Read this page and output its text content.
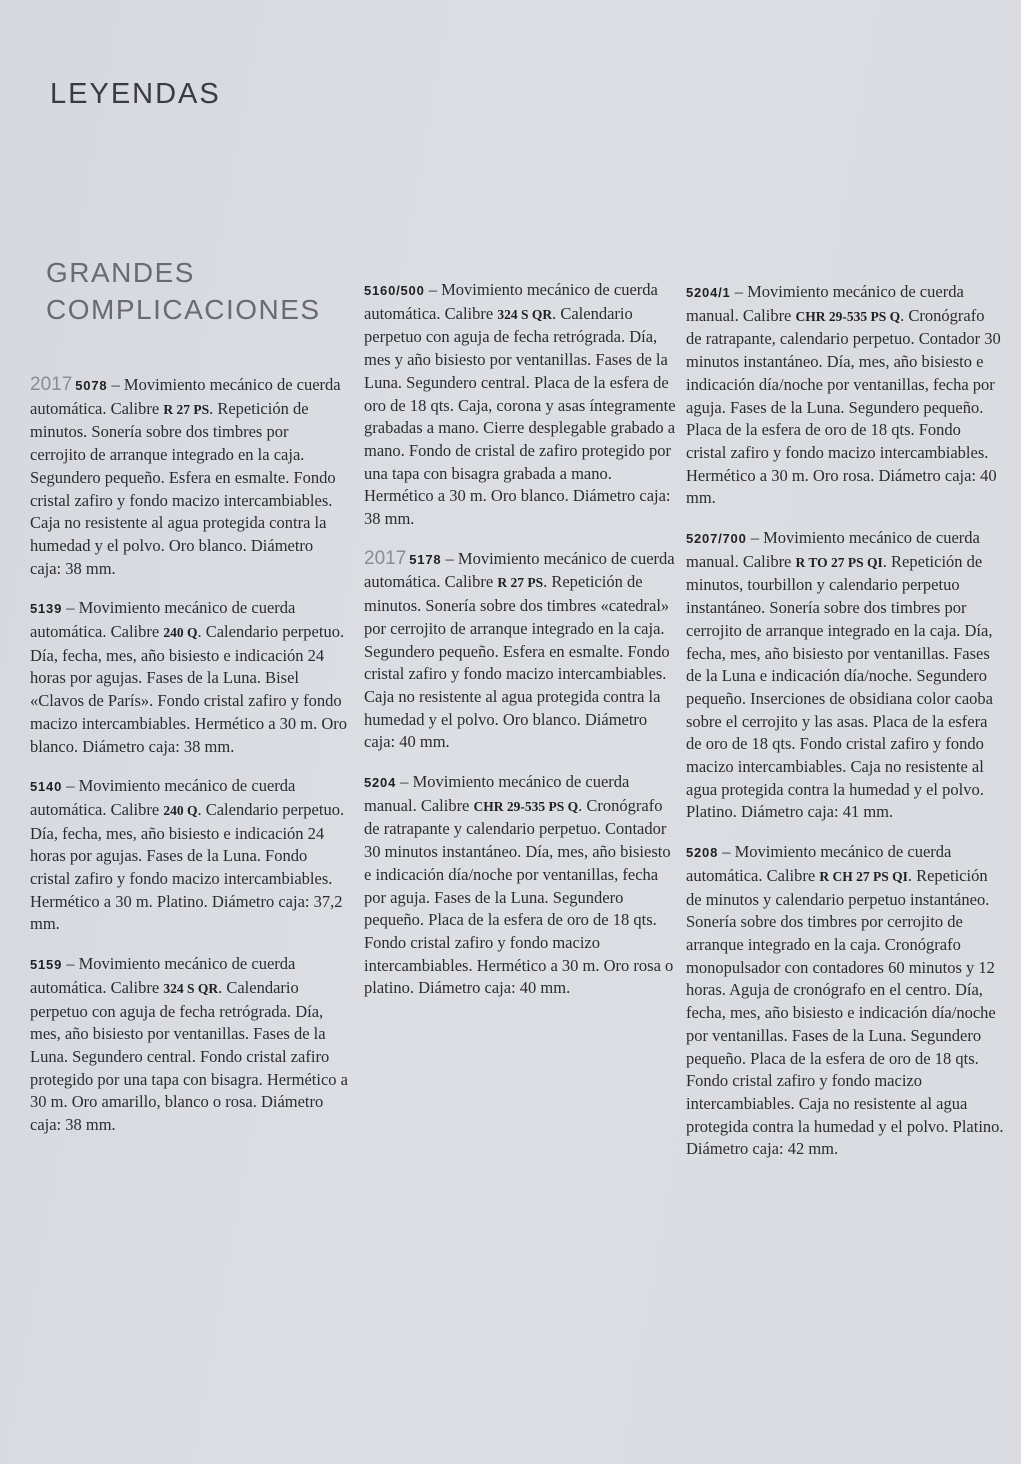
LEYENDAS
GRANDES
COMPLICACIONES

2017 5078 – Movimiento mecánico de cuerda automática. Calibre R 27 PS. Repetición de minutos. Sonería sobre dos timbres por cerrojito de arranque integrado en la caja. Segundero pequeño. Esfera en esmalte. Fondo cristal zafiro y fondo macizo intercambiables. Caja no resistente al agua protegida contra la humedad y el polvo. Oro blanco. Diámetro caja: 38 mm.

5139 – Movimiento mecánico de cuerda automática. Calibre 240 Q. Calendario perpetuo. Día, fecha, mes, año bisiesto e indicación 24 horas por agujas. Fases de la Luna. Bisel «Clavos de París». Fondo cristal zafiro y fondo macizo intercambiables. Hermético a 30 m. Oro blanco. Diámetro caja: 38 mm.

5140 – Movimiento mecánico de cuerda automática. Calibre 240 Q. Calendario perpetuo. Día, fecha, mes, año bisiesto e indicación 24 horas por agujas. Fases de la Luna. Fondo cristal zafiro y fondo macizo intercambiables. Hermético a 30 m. Platino. Diámetro caja: 37,2 mm.

5159 – Movimiento mecánico de cuerda automática. Calibre 324 S QR. Calendario perpetuo con aguja de fecha retrógrada. Día, mes, año bisiesto por ventanillas. Fases de la Luna. Segundero central. Fondo cristal zafiro protegido por una tapa con bisagra. Hermético a 30 m. Oro amarillo, blanco o rosa. Diámetro caja: 38 mm.

5160/500 – Movimiento mecánico de cuerda automática. Calibre 324 S QR. Calendario perpetuo con aguja de fecha retrógrada. Día, mes y año bisiesto por ventanillas. Fases de la Luna. Segundero central. Placa de la esfera de oro de 18 qts. Caja, corona y asas íntegramente grabadas a mano. Cierre desplegable grabado a mano. Fondo de cristal de zafiro protegido por una tapa con bisagra grabada a mano. Hermético a 30 m. Oro blanco. Diámetro caja: 38 mm.

2017 5178 – Movimiento mecánico de cuerda automática. Calibre R 27 PS. Repetición de minutos. Sonería sobre dos timbres «catedral» por cerrojito de arranque integrado en la caja. Segundero pequeño. Esfera en esmalte. Fondo cristal zafiro y fondo macizo intercambiables. Caja no resistente al agua protegida contra la humedad y el polvo. Oro blanco. Diámetro caja: 40 mm.

5204 – Movimiento mecánico de cuerda manual. Calibre CHR 29-535 PS Q. Cronógrafo de ratrapante y calendario perpetuo. Contador 30 minutos instantáneo. Día, mes, año bisiesto e indicación día/noche por ventanillas, fecha por aguja. Fases de la Luna. Segundero pequeño. Placa de la esfera de oro de 18 qts. Fondo cristal zafiro y fondo macizo intercambiables. Hermético a 30 m. Oro rosa o platino. Diámetro caja: 40 mm.

5204/1 – Movimiento mecánico de cuerda manual. Calibre CHR 29-535 PS Q. Cronógrafo de ratrapante, calendario perpetuo. Contador 30 minutos instantáneo. Día, mes, año bisiesto e indicación día/noche por ventanillas, fecha por aguja. Fases de la Luna. Segundero pequeño. Placa de la esfera de oro de 18 qts. Fondo cristal zafiro y fondo macizo intercambiables. Hermético a 30 m. Oro rosa. Diámetro caja: 40 mm.

5207/700 – Movimiento mecánico de cuerda manual. Calibre R TO 27 PS QI. Repetición de minutos, tourbillon y calendario perpetuo instantáneo. Sonería sobre dos timbres por cerrojito de arranque integrado en la caja. Día, fecha, mes, año bisiesto por ventanillas. Fases de la Luna e indicación día/noche. Segundero pequeño. Inserciones de obsidiana color caoba sobre el cerrojito y las asas. Placa de la esfera de oro de 18 qts. Fondo cristal zafiro y fondo macizo intercambiables. Caja no resistente al agua protegida contra la humedad y el polvo. Platino. Diámetro caja: 41 mm.

5208 – Movimiento mecánico de cuerda automática. Calibre R CH 27 PS QI. Repetición de minutos y calendario perpetuo instantáneo. Sonería sobre dos timbres por cerrojito de arranque integrado en la caja. Cronógrafo monopulsador con contadores 60 minutos y 12 horas. Aguja de cronógrafo en el centro. Día, fecha, mes, año bisiesto e indicación día/noche por ventanillas. Fases de la Luna. Segundero pequeño. Placa de la esfera de oro de 18 qts. Fondo cristal zafiro y fondo macizo intercambiables. Caja no resistente al agua protegida contra la humedad y el polvo. Platino. Diámetro caja: 42 mm.
